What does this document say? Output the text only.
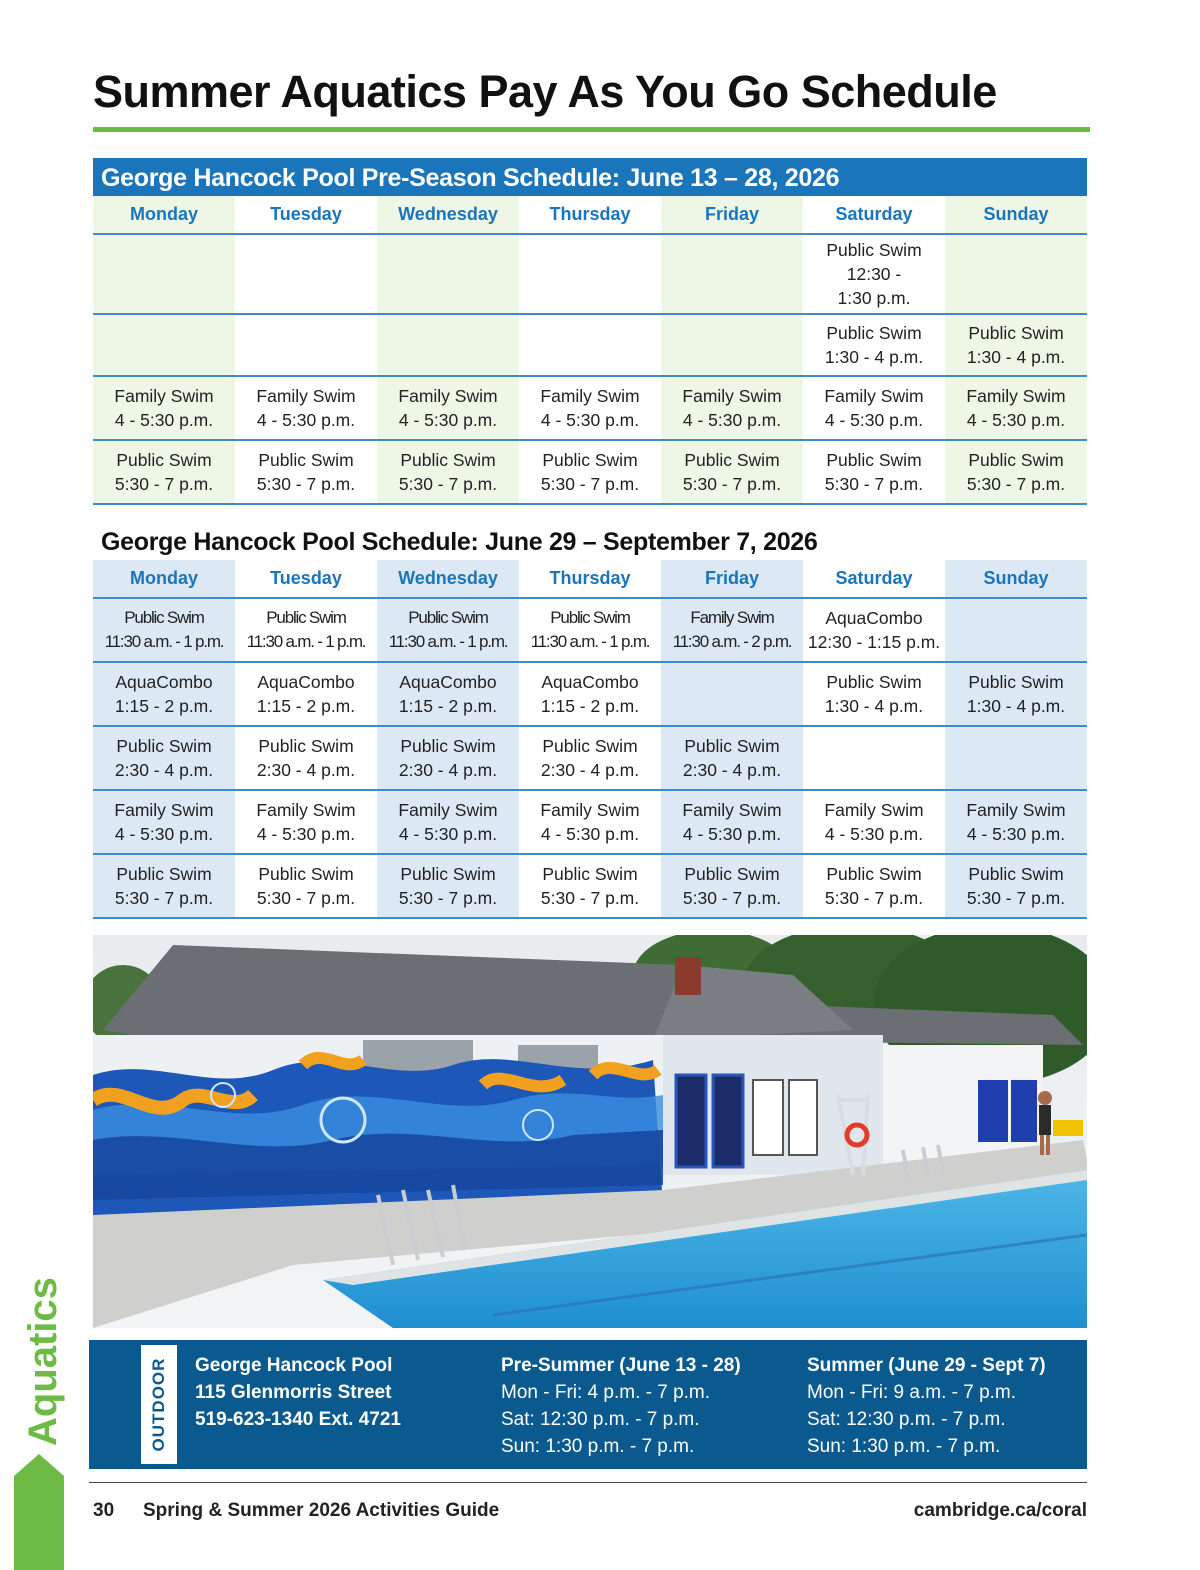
Summer Aquatics Pay As You Go Schedule
George Hancock Pool Pre-Season Schedule: June 13 – 28, 2026
Monday	Tuesday	Wednesday	Thursday	Friday	Saturday	Sunday
					Public Swim
12:30 -
1:30 p.m.	
					Public Swim
1:30 - 4 p.m.	Public Swim
1:30 - 4 p.m.
Family Swim
4 - 5:30 p.m.	Family Swim
4 - 5:30 p.m.	Family Swim
4 - 5:30 p.m.	Family Swim
4 - 5:30 p.m.	Family Swim
4 - 5:30 p.m.	Family Swim
4 - 5:30 p.m.	Family Swim
4 - 5:30 p.m.
Public Swim
5:30 - 7 p.m.	Public Swim
5:30 - 7 p.m.	Public Swim
5:30 - 7 p.m.	Public Swim
5:30 - 7 p.m.	Public Swim
5:30 - 7 p.m.	Public Swim
5:30 - 7 p.m.	Public Swim
5:30 - 7 p.m.
George Hancock Pool Schedule: June 29 – September 7, 2026
Monday	Tuesday	Wednesday	Thursday	Friday	Saturday	Sunday
Public Swim
11:30 a.m. - 1 p.m.	Public Swim
11:30 a.m. - 1 p.m.	Public Swim
11:30 a.m. - 1 p.m.	Public Swim
11:30 a.m. - 1 p.m.	Family Swim
11:30 a.m. - 2 p.m.	AquaCombo
12:30 - 1:15 p.m.	
AquaCombo
1:15 - 2 p.m.	AquaCombo
1:15 - 2 p.m.	AquaCombo
1:15 - 2 p.m.	AquaCombo
1:15 - 2 p.m.		Public Swim
1:30 - 4 p.m.	Public Swim
1:30 - 4 p.m.
Public Swim
2:30 - 4 p.m.	Public Swim
2:30 - 4 p.m.	Public Swim
2:30 - 4 p.m.	Public Swim
2:30 - 4 p.m.	Public Swim
2:30 - 4 p.m.		
Family Swim
4 - 5:30 p.m.	Family Swim
4 - 5:30 p.m.	Family Swim
4 - 5:30 p.m.	Family Swim
4 - 5:30 p.m.	Family Swim
4 - 5:30 p.m.	Family Swim
4 - 5:30 p.m.	Family Swim
4 - 5:30 p.m.
Public Swim
5:30 - 7 p.m.	Public Swim
5:30 - 7 p.m.	Public Swim
5:30 - 7 p.m.	Public Swim
5:30 - 7 p.m.	Public Swim
5:30 - 7 p.m.	Public Swim
5:30 - 7 p.m.	Public Swim
5:30 - 7 p.m.
OUTDOOR	George Hancock Pool
115 Glenmorris Street
519-623-1340 Ext. 4721
Pre-Summer (June 13 - 28)
Mon - Fri: 4 p.m. - 7 p.m.
Sat: 12:30 p.m. - 7 p.m.
Sun: 1:30 p.m. - 7 p.m.
Summer (June 29 - Sept 7)
Mon - Fri: 9 a.m. - 7 p.m.
Sat: 12:30 p.m. - 7 p.m.
Sun: 1:30 p.m. - 7 p.m.
Aquatics
30 Spring & Summer 2026 Activities Guide	cambridge.ca/coral
